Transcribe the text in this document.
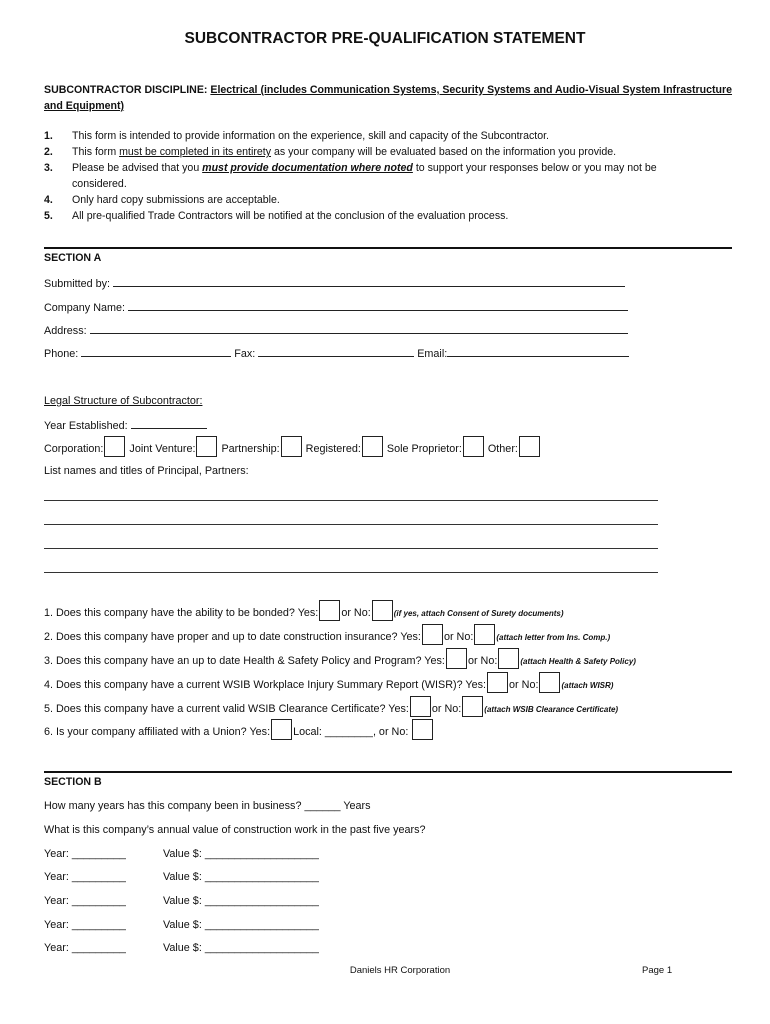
SUBCONTRACTOR PRE-QUALIFICATION STATEMENT
SUBCONTRACTOR DISCIPLINE: Electrical (includes Communication Systems, Security Systems and Audio-Visual System Infrastructure
and Equipment)
1. This form is intended to provide information on the experience, skill and capacity of the Subcontractor.
2. This form must be completed in its entirety as your company will be evaluated based on the information you provide.
3. Please be advised that you must provide documentation where noted to support your responses below or you may not be considered.
4. Only hard copy submissions are acceptable.
5. All pre-qualified Trade Contractors will be notified at the conclusion of the evaluation process.
SECTION A
Submitted by:
Company Name:
Address:
Phone:	Fax:	Email:
Legal Structure of Subcontractor:
Year Established:
Corporation: Joint Venture: Partnership: Registered: Sole Proprietor: Other:
List names and titles of Principal, Partners:
1. Does this company have the ability to be bonded? Yes: or No:	(if yes, attach Consent of Surety documents)
2. Does this company have proper and up to date construction insurance? Yes: or No:	(attach letter from Ins. Comp.)
3. Does this company have an up to date Health & Safety Policy and Program? Yes: or No:	(attach Health & Safety Policy)
4. Does this company have a current WSIB Workplace Injury Summary Report (WISR)? Yes: or No:	(attach WISR)
5. Does this company have a current valid WSIB Clearance Certificate? Yes: or No:	(attach WSIB Clearance Certificate)
6. Is your company affiliated with a Union? Yes: Local: ________, or No:
SECTION B
How many years has this company been in business? ______ Years
What is this company’s annual value of construction work in the past five years?
Year: _________	Value $: ___________________
Year: _________	Value $: ___________________
Year: _________	Value $: ___________________
Year: _________	Value $: ___________________
Year: _________	Value $: ___________________
Daniels HR Corporation	Page 1
